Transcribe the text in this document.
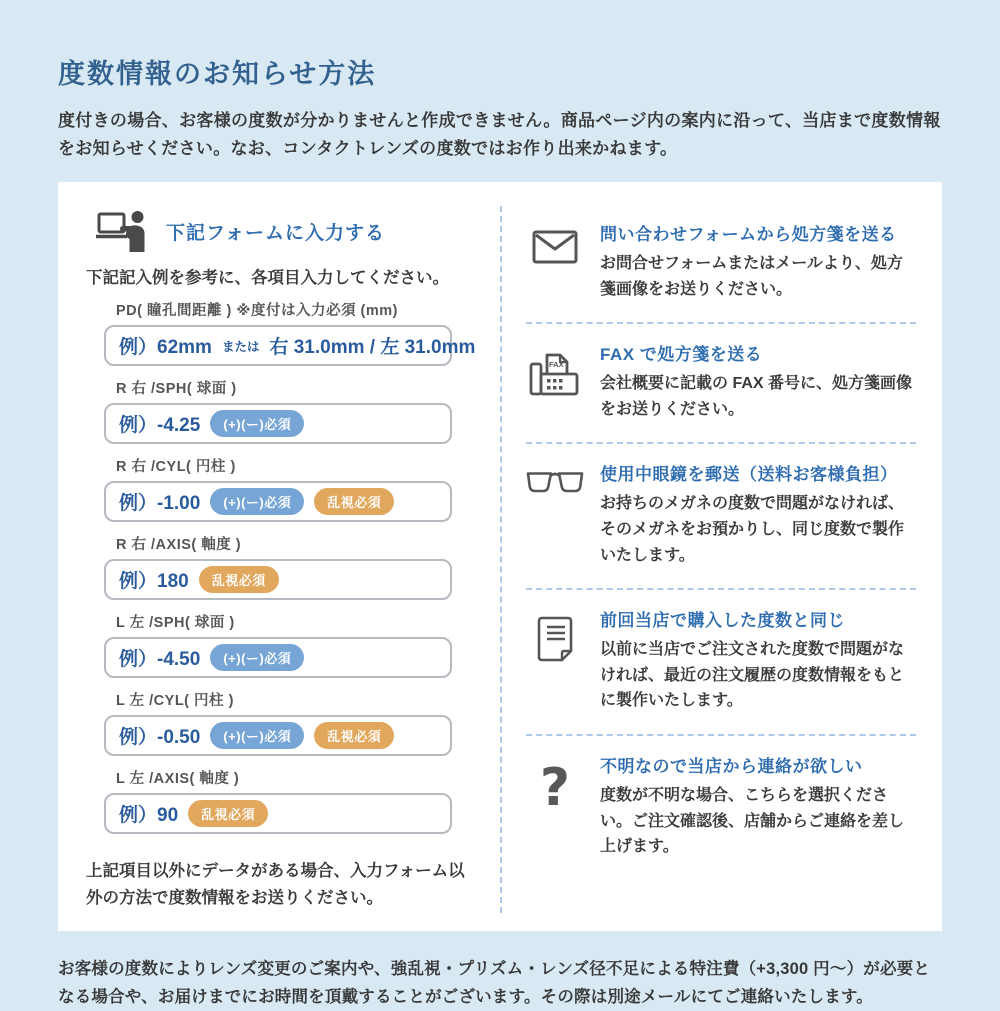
度数情報のお知らせ方法

度付きの場合、お客様の度数が分かりませんと作成できません。商品ページ内の案内に沿って、当店まで度数情報をお知らせください。なお、コンタクトレンズの度数ではお作り出来かねます。

下記フォームに入力する

下記記入例を参考に、各項目入力してください。

PD( 瞳孔間距離 ) ※度付は入力必須 (mm)
例）62mm または 右 31.0mm / 左 31.0mm
R 右 /SPH( 球面 )
例）-4.25	(+)(ー)必須
R 右 /CYL( 円柱 )
例）-1.00	(+)(ー)必須	乱視必須
R 右 /AXIS( 軸度 )
例）180	乱視必須
L 左 /SPH( 球面 )
例）-4.50	(+)(ー)必須
L 左 /CYL( 円柱 )
例）-0.50	(+)(ー)必須	乱視必須
L 左 /AXIS( 軸度 )
例）90	乱視必須

上記項目以外にデータがある場合、入力フォーム以外の方法で度数情報をお送りください。

問い合わせフォームから処方箋を送る
お問合せフォームまたはメールより、処方箋画像をお送りください。
FAX
FAX で処方箋を送る
会社概要に記載の FAX 番号に、処方箋画像をお送りください。
使用中眼鏡を郵送（送料お客様負担）
お持ちのメガネの度数で問題がなければ、そのメガネをお預かりし、同じ度数で製作いたします。
前回当店で購入した度数と同じ
以前に当店でご注文された度数で問題がなければ、最近の注文履歴の度数情報をもとに製作いたします。
? 不明なので当店から連絡が欲しい
度数が不明な場合、こちらを選択ください。ご注文確認後、店舗からご連絡を差し上げます。

お客様の度数によりレンズ変更のご案内や、強乱視・プリズム・レンズ径不足による特注費（+3,300 円～）が必要となる場合や、お届けまでにお時間を頂戴することがございます。その際は別途メールにてご連絡いたします。
